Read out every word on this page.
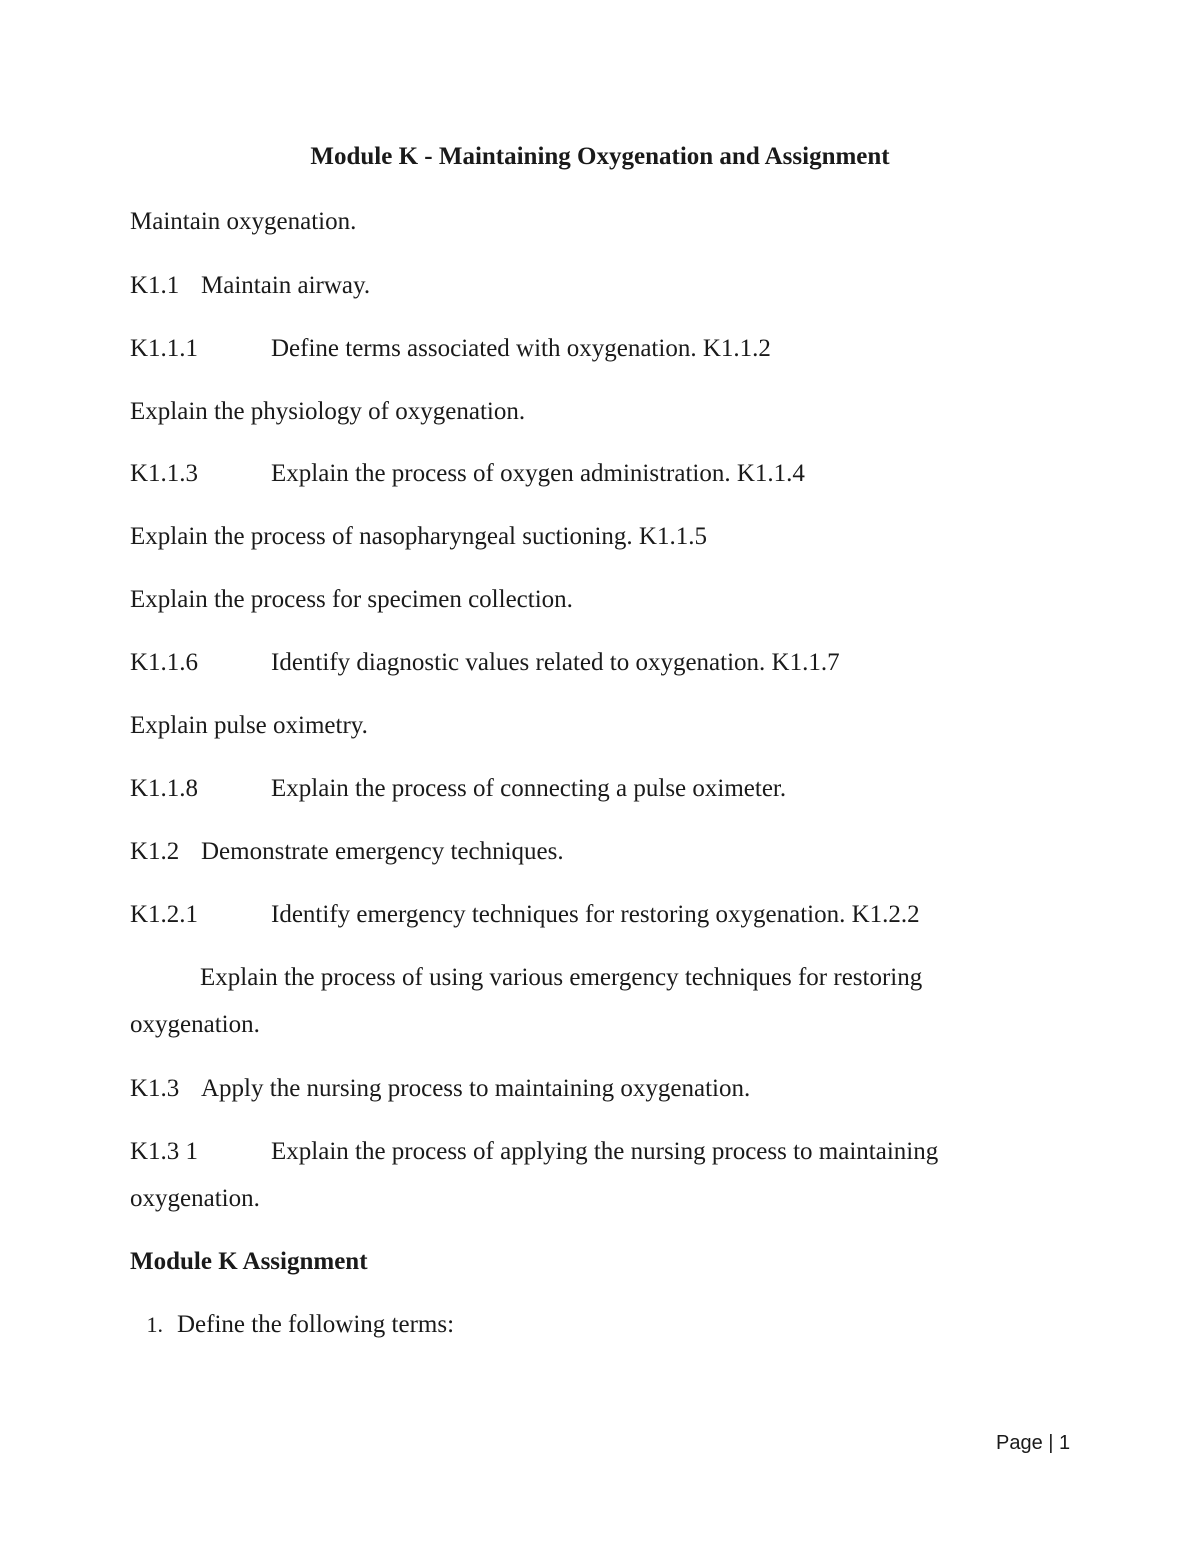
Module K - Maintaining Oxygenation and Assignment
Maintain oxygenation.
K1.1 Maintain airway.
K1.1.1	Define terms associated with oxygenation. K1.1.2
Explain the physiology of oxygenation.
K1.1.3	Explain the process of oxygen administration. K1.1.4
Explain the process of nasopharyngeal suctioning. K1.1.5
Explain the process for specimen collection.
K1.1.6	Identify diagnostic values related to oxygenation. K1.1.7
Explain pulse oximetry.
K1.1.8	Explain the process of connecting a pulse oximeter.
K1.2 Demonstrate emergency techniques.
K1.2.1	Identify emergency techniques for restoring oxygenation. K1.2.2
Explain the process of using various emergency techniques for restoring
oxygenation.
K1.3 Apply the nursing process to maintaining oxygenation.
K1.3 1	Explain the process of applying the nursing process to maintaining
oxygenation.
Module K Assignment
1. Define the following terms:
Page | 1
